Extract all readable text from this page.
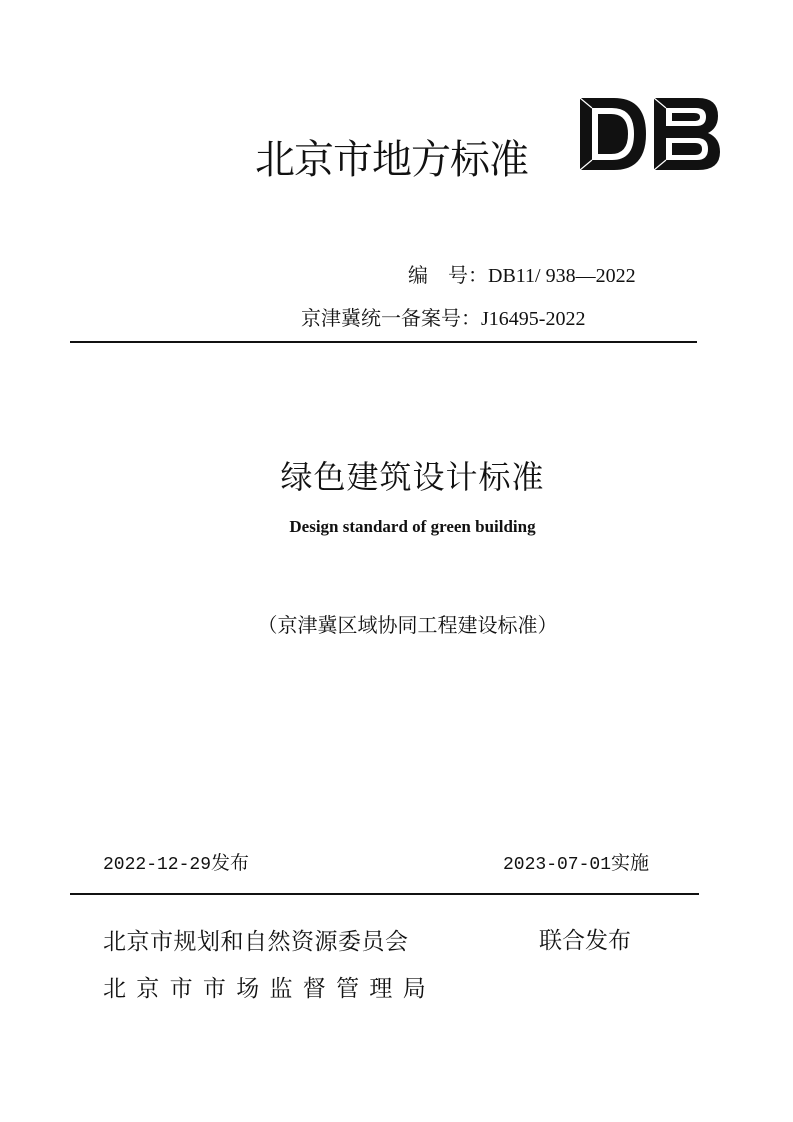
北京市地方标准
编　号：DB11/ 938—2022
京津冀统一备案号：J16495-2022
绿色建筑设计标准
Design standard of green building
（京津冀区域协同工程建设标准）
2022-12-29发布	2023-07-01实施
北京市规划和自然资源委员会
北京市市场监督管理局
联合发布
